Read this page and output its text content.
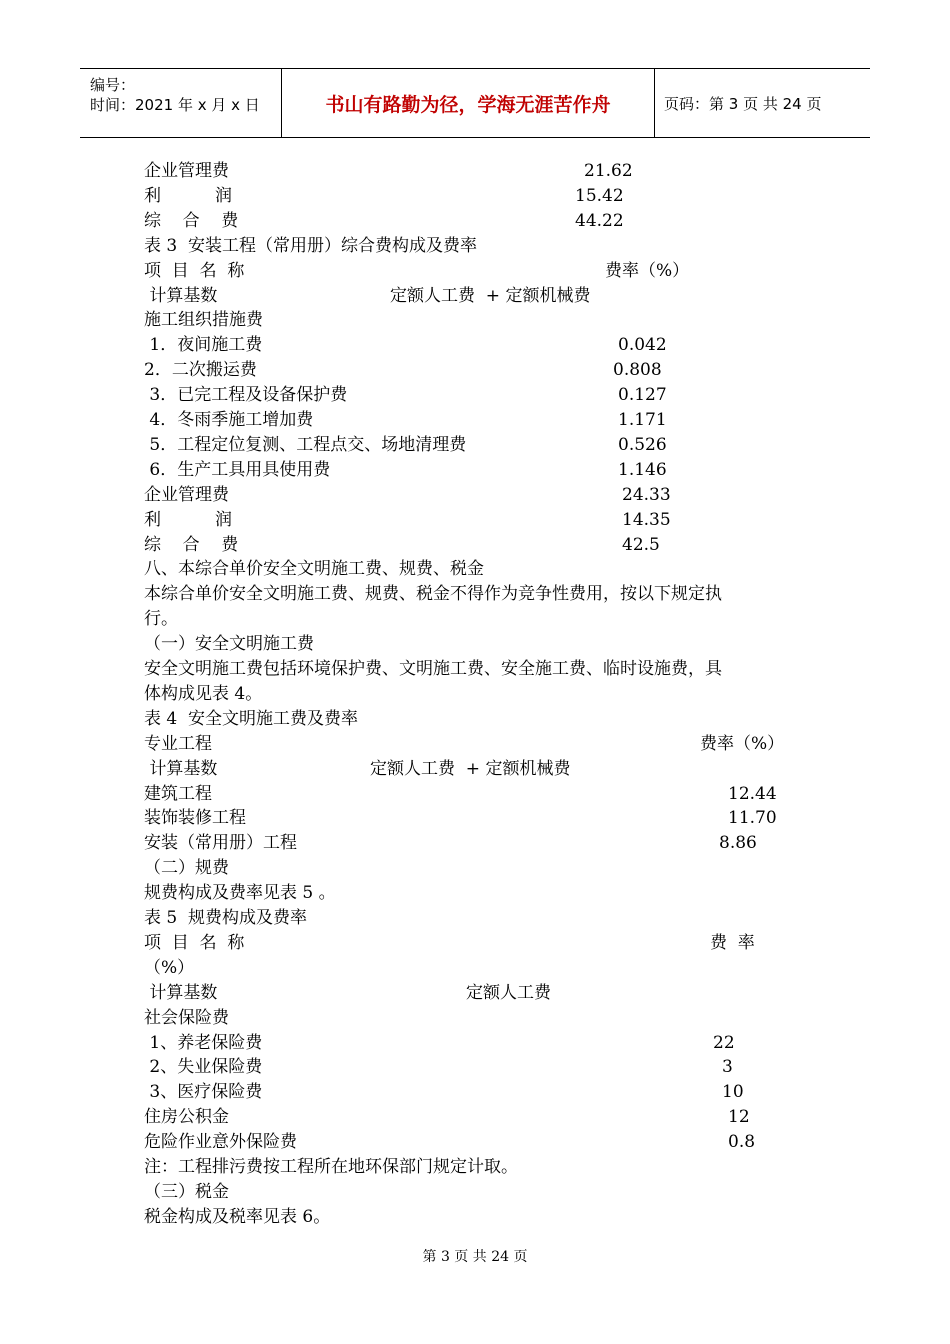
编号：
时间：2021 年 x 月 x 日	书山有路勤为径，学海无涯苦作舟	页码：第 3 页 共 24 页
企业管理费	21.62
利          润	15.42
综    合    费	44.22
表 3  安装工程（常用册）综合费构成及费率
项  目  名  称	费率（%）
计算基数	定额人工费  + 定额机械费
施工组织措施费
1．夜间施工费	0.042
2．二次搬运费	0.808
3．已完工程及设备保护费	0.127
4．冬雨季施工增加费	1.171
5．工程定位复测、工程点交、场地清理费	0.526
6．生产工具用具使用费	1.146
企业管理费	24.33
利          润	14.35
综    合    费	42.5
八、本综合单价安全文明施工费、规费、税金
本综合单价安全文明施工费、规费、税金不得作为竞争性费用，按以下规定执
行。
（一）安全文明施工费
安全文明施工费包括环境保护费、文明施工费、安全施工费、临时设施费，具
体构成见表 4。
表 4  安全文明施工费及费率
专业工程	费率（%）
计算基数	定额人工费  + 定额机械费
建筑工程	12.44
装饰装修工程	11.70
安装（常用册）工程	8.86
（二）规费
规费构成及费率见表 5 。
表 5  规费构成及费率
项  目  名  称	费  率
（%）
计算基数	定额人工费
社会保险费
1、养老保险费	22
2、失业保险费	3
3、医疗保险费	10
住房公积金	12
危险作业意外保险费	0.8
注：工程排污费按工程所在地环保部门规定计取。
（三）税金
税金构成及税率见表 6。
第 3 页 共 24 页
